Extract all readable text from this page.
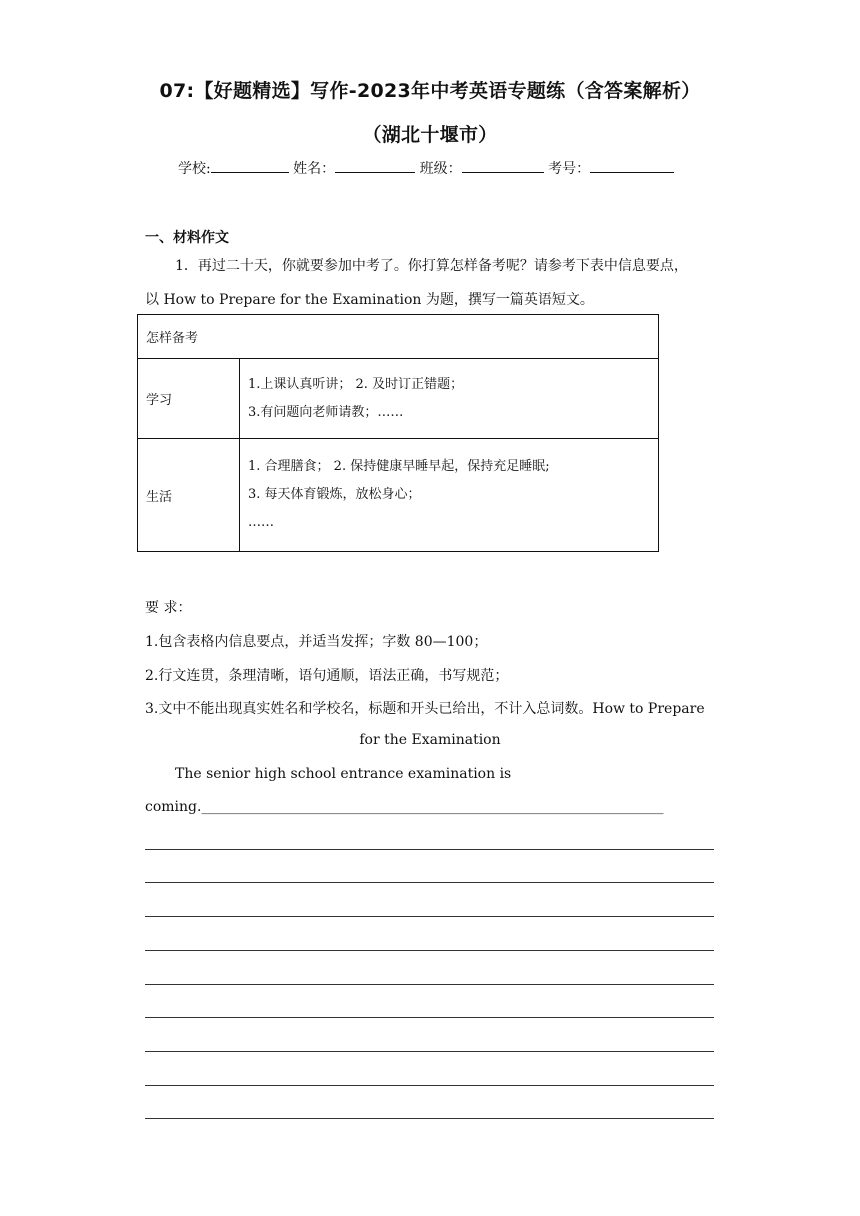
07:【好题精选】写作-2023年中考英语专题练（含答案解析）
（湖北十堰市）
学校:	姓名：	班级：	考号：
一、材料作文
1．再过二十天，你就要参加中考了。你打算怎样备考呢？请参考下表中信息要点，
以 How to Prepare for the Examination 为题，撰写一篇英语短文。
怎样备考	
学习	1.上课认真听讲； 2. 及时订正错题；
3.有问题向老师请教；……

生活	1. 合理膳食； 2. 保持健康早睡早起，保持充足睡眠;
3. 每天体育锻炼，放松身心；
……
要 求：
1.包含表格内信息要点，并适当发挥；字数 80—100；
2.行文连贯，条理清晰，语句通顺，语法正确，书写规范；
3.文中不能出现真实姓名和学校名，标题和开头已给出，不计入总词数。How to Prepare
for the Examination
The senior high school entrance examination is
coming.__________________________________________________________________
